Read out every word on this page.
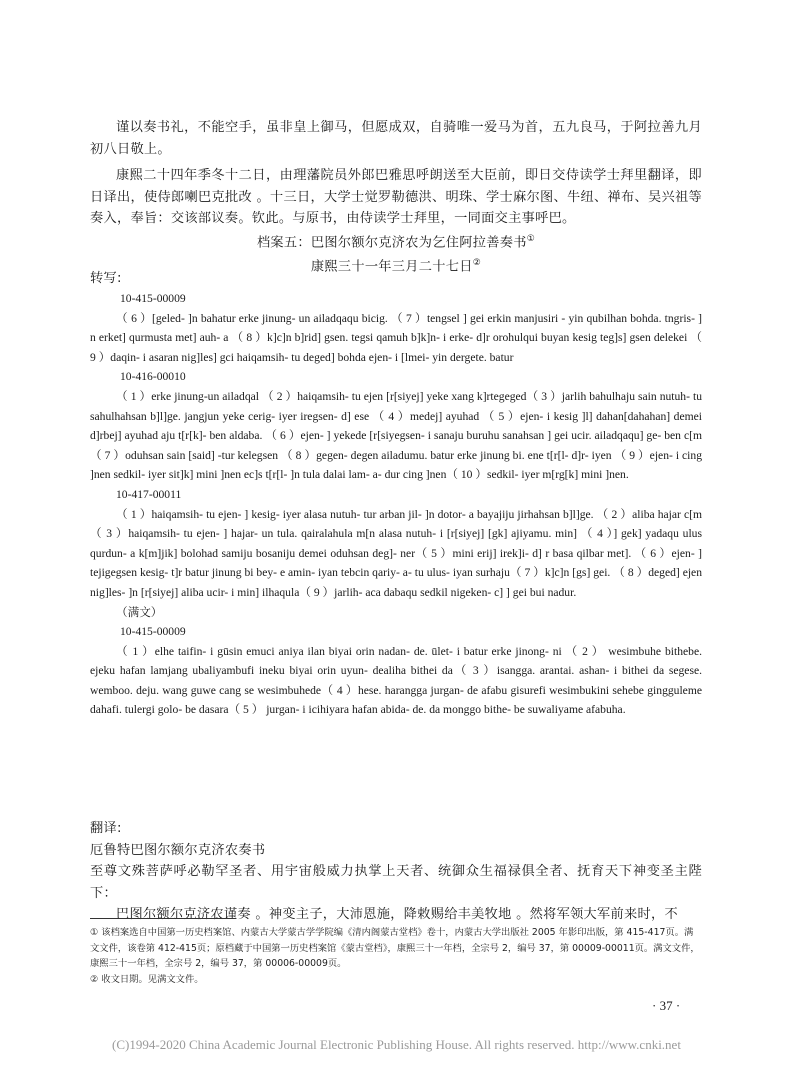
谨以奏书礼，不能空手，虽非皇上御马，但愿成双，自骑唯一爱马为首，五九良马，于阿拉善九月初八日敬上。

康熙二十四年季冬十二日，由理藩院员外郎巴雅思呼朗送至大臣前，即日交侍读学士拜里翻译，即日译出，使侍郎喇巴克批改 。十三日，大学士觉罗勒德洪、明珠、学士麻尔图、牛纽、禅布、吴兴祖等奏入，奉旨：交该部议奏。钦此。与原书，由侍读学士拜里，一同面交主事呼巴。

档案五：巴图尔额尔克济农为乞住阿拉善奏书①
康熙三十一年三月二十七日②
转写:
10-415-00009

（ 6 ）[geled- ]n bahatur erke jinung- un ailadqaqu bicig. （ 7 ）tengsel ] gei erkin manjusiri - yin qubilhan bohda. tngris- ] n erket] qurmusta met] auh- a （ 8 ）k]c]n b]rid] gsen. tegsi qamuh b]k]n- i erke- d]r orohulqui buyan kesig teg]s] gsen delekei （ 9 ）daqin- i asaran nig]les] gci haiqamsih- tu deged] bohda ejen- i [lmei- yin dergete. batur

10-416-00010

（ 1 ）erke jinung-un ailadqal （ 2 ）haiqamsih- tu ejen [r[siyej] yeke xang k]rtegeged（ 3 ）jarlih bahulhaju sain nutuh- tu sahulhahsan b]l]ge. jangjun yeke cerig- iyer iregsen- d] ese （ 4 ）medej] ayuhad （ 5 ）ejen- i kesig ]l] dahan[dahahan] demei d]rbej] ayuhad aju t[r[k]- ben aldaba. （ 6 ）ejen- ] yekede [r[siyegsen- i sanaju buruhu sanahsan ] gei ucir. ailadqaqu] ge- ben c[m （ 7 ）oduhsan sain [said] -tur kelegsen （ 8 ）gegen- degen ailadumu. batur erke jinung bi. ene t[r[l- d]r- iyen （ 9 ）ejen- i cing ]nen sedkil- iyer sit]k] mini ]nen ec]s t[r[l- ]n tula dalai lam- a- dur cing ]nen（ 10 ）sedkil- iyer m[rg[k] mini ]nen.

10-417-00011

（ 1 ）haiqamsih- tu ejen- ] kesig- iyer alasa nutuh- tur arban jil- ]n dotor- a bayajiju jirhahsan b]l]ge. （ 2 ）aliba hajar c[m（ 3 ）haiqamsih- tu ejen- ] hajar- un tula. qairalahula m[n alasa nutuh- i [r[siyej] [gk] ajiyamu. min] （ 4 ）] gek] yadaqu ulus qurdun- a k[m]jik] bolohad samiju bosaniju demei oduhsan deg]- ner（ 5 ）mini erij] irek]i- d] r basa qilbar met]. （ 6 ）ejen- ] tejigegsen kesig- t]r batur jinung bi bey- e amin- iyan tebcin qariy- a- tu ulus- iyan surhaju（ 7 ）k]c]n [gs] gei. （ 8 ）deged] ejen nig]les- ]n [r[siyej] aliba ucir- i min] ilhaqula（ 9 ）jarlih- aca dabaqu sedkil nigeken- c] ] gei bui nadur.

（满文）
10-415-00009

（ 1 ）elhe taifin- i gūsin emuci aniya ilan biyai orin nadan- de. ūlet- i batur erke jinong- ni （ 2 ） wesimbuhe bithebe. ejeku hafan lamjang ubaliyambufi ineku biyai orin uyun- dealiha bithei da（ 3 ）isangga. arantai. ashan- i bithei da segese. wemboo. deju. wang guwe cang se wesimbuhede（ 4 ）hese. harangga jurgan- de afabu gisurefi wesimbukini sehebe gingguleme dahafi. tulergi golo- be dasara（ 5 ） jurgan- i icihiyara hafan abida- de. da monggo bithe- be suwaliyame afabuha.

翻译:
厄鲁特巴图尔额尔克济农奏书

至尊文殊菩萨呼必勒罕圣者、用宇宙般威力执掌上天者、统御众生福禄俱全者、抚育天下神变圣主陛下：

巴图尔额尔克济农谨奏 。神变主子，大沛恩施，降敕赐给丰美牧地 。然将军领大军前来时，不

① 该档案选自中国第一历史档案馆、内蒙古大学蒙古学学院编《清内阁蒙古堂档》卷十，内蒙古大学出版社 2005 年影印出版，第 415-417页。满文文件，该卷第 412-415页；原档藏于中国第一历史档案馆《蒙古堂档》，康熙三十一年档，全宗号 2，编号 37，第 00009-00011页。满文文件，康熙三十一年档，全宗号 2，编号 37，第 00006-00009页。

② 收文日期。见满文文件。

· 37 ·
(C)1994-2020 China Academic Journal Electronic Publishing House. All rights reserved. http://www.cnki.net
